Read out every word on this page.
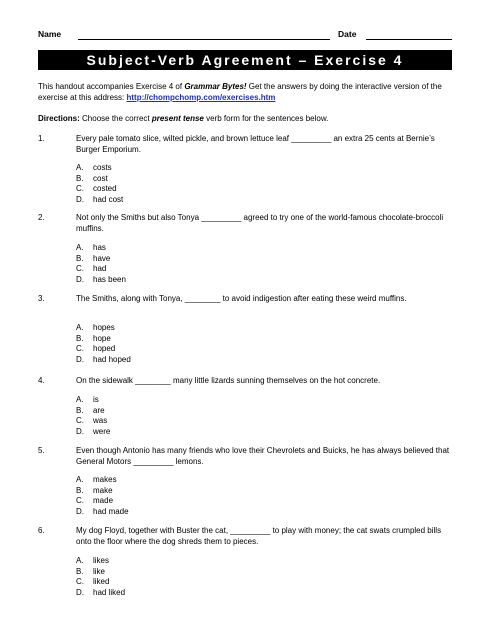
Name	Date
Subject-Verb Agreement – Exercise 4
This handout accompanies Exercise 4 of Grammar Bytes! Get the answers by doing the interactive version of the exercise at this address: http://chompchomp.com/exercises.htm
Directions: Choose the correct present tense verb form for the sentences below.
1.	Every pale tomato slice, wilted pickle, and brown lettuce leaf _________ an extra 25 cents at Bernie’s Burger Emporium.
A. costs
B. cost
C. costed
D. had cost
2.	Not only the Smiths but also Tonya _________ agreed to try one of the world-famous chocolate-broccoli muffins.
A. has
B. have
C. had
D. has been
3.	The Smiths, along with Tonya, ________ to avoid indigestion after eating these weird muffins.
A. hopes
B. hope
C. hoped
D. had hoped
4.	On the sidewalk ________ many little lizards sunning themselves on the hot concrete.
A. is
B. are
C. was
D. were
5.	Even though Antonio has many friends who love their Chevrolets and Buicks, he has always believed that General Motors _________ lemons.
A. makes
B. make
C. made
D. had made
6.	My dog Floyd, together with Buster the cat, _________ to play with money; the cat swats crumpled bills onto the floor where the dog shreds them to pieces.
A. likes
B. like
C. liked
D. had liked
